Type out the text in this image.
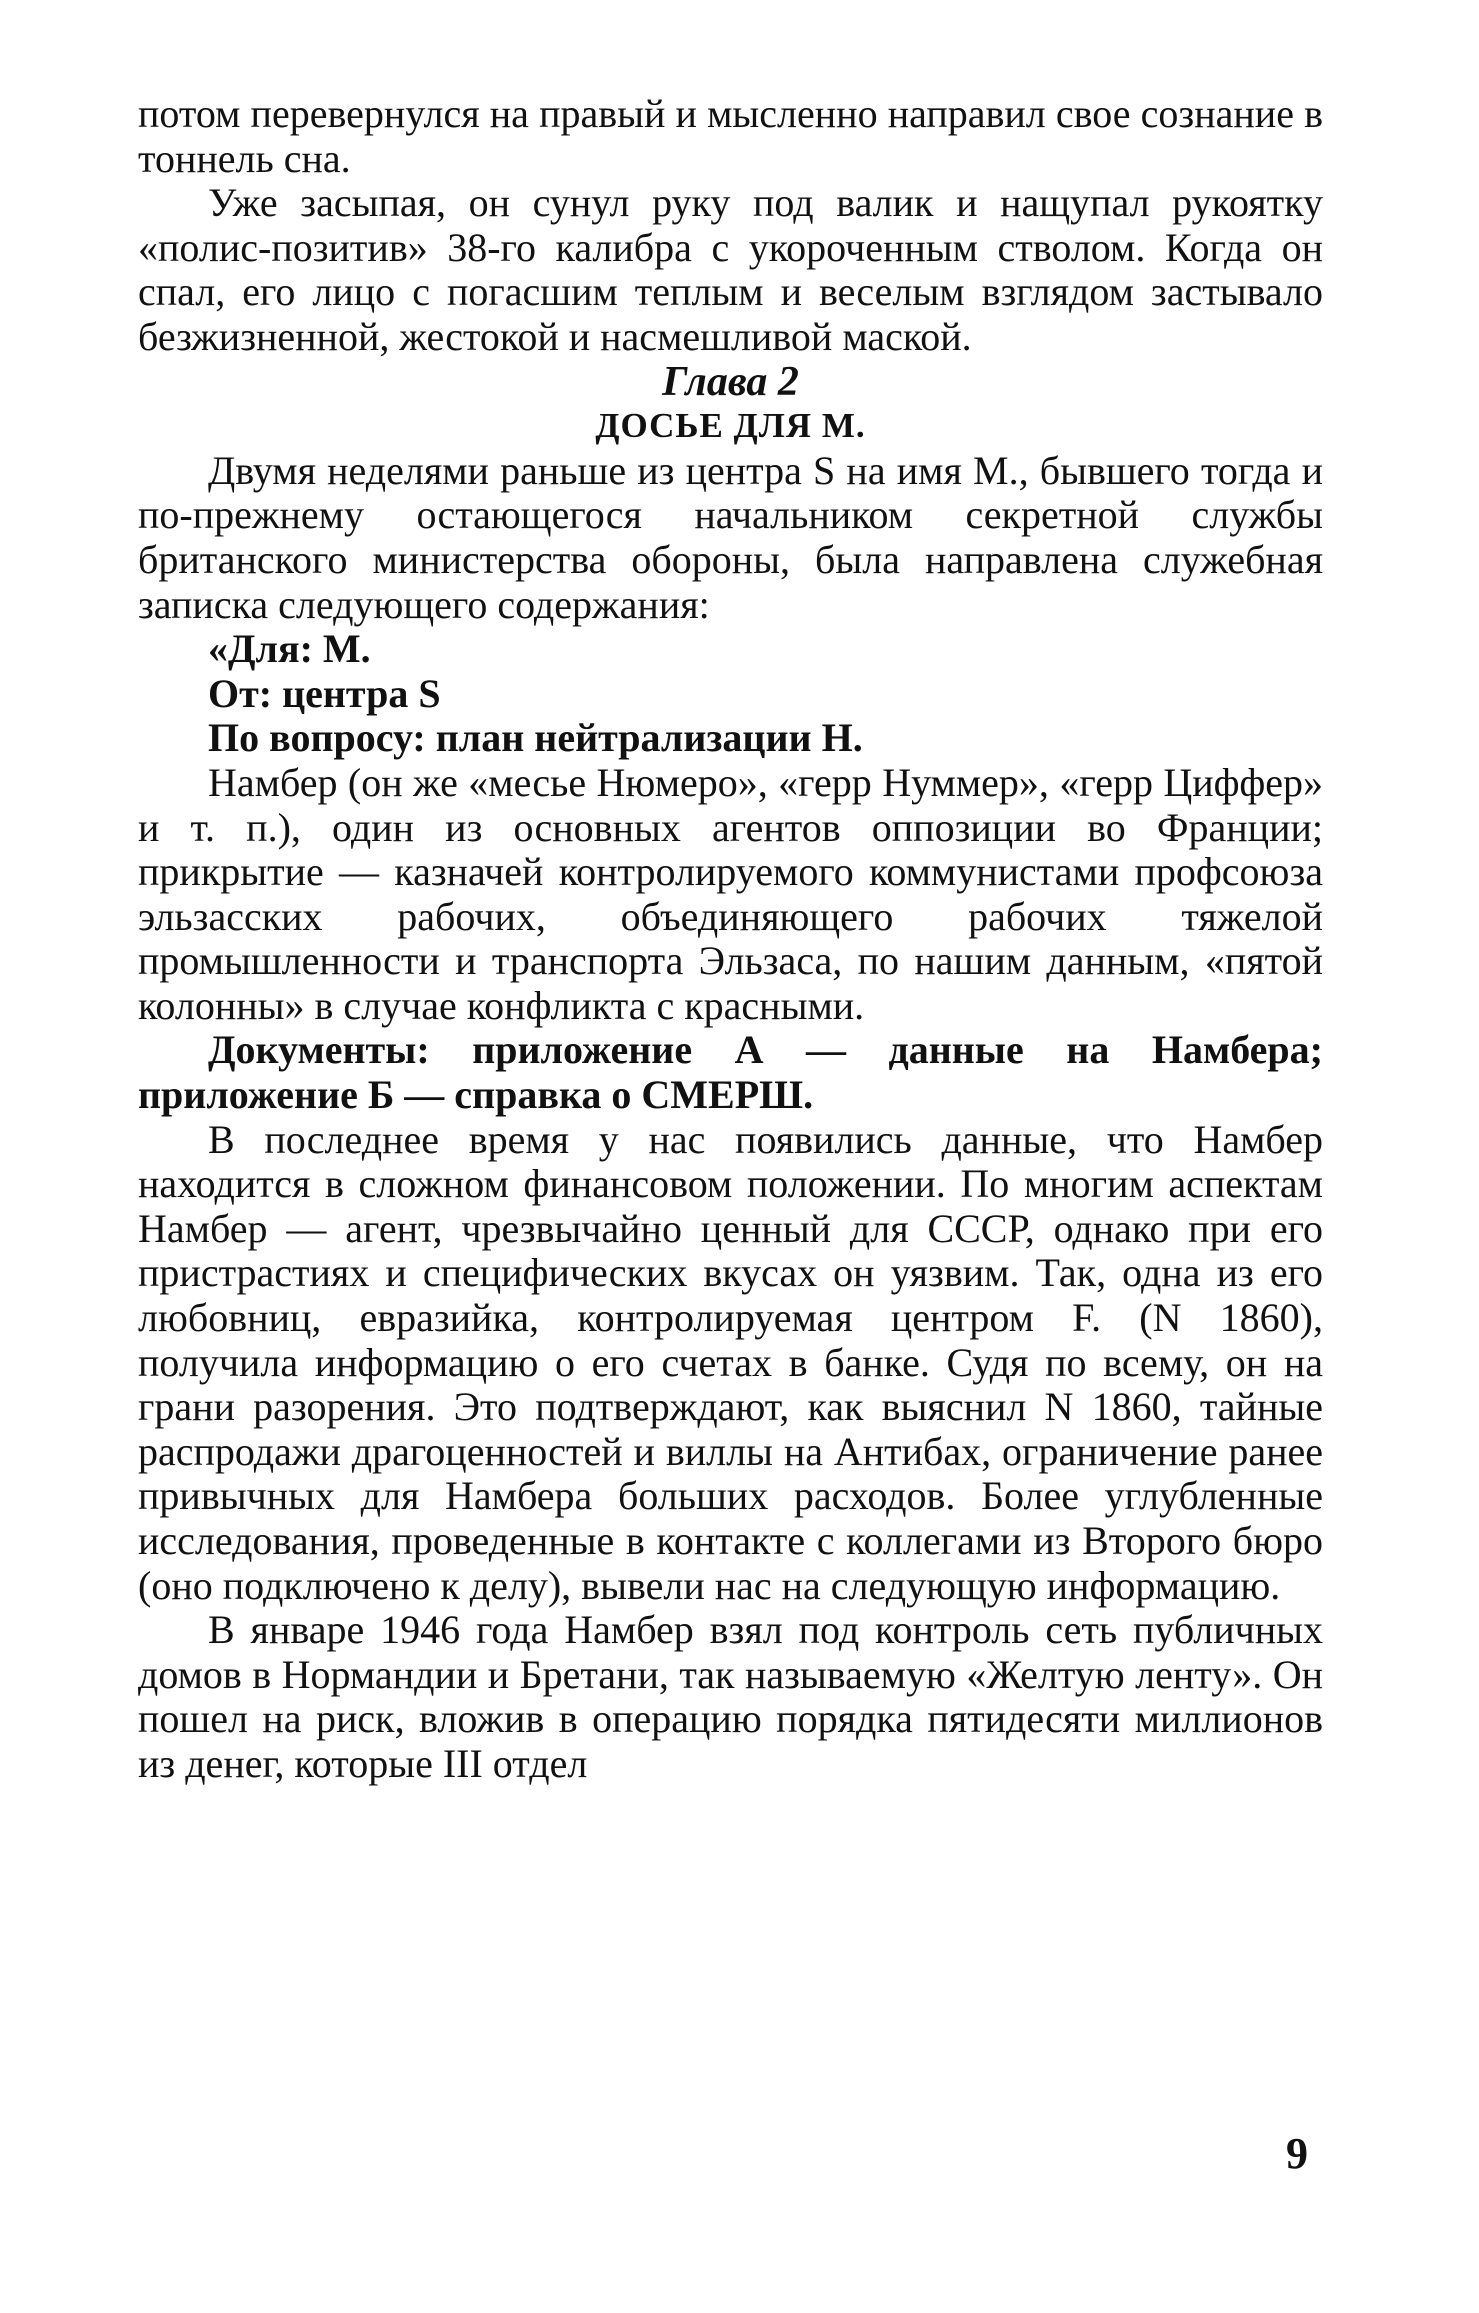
потом перевернулся на правый и мысленно направил свое сознание в тоннель сна.

Уже засыпая, он сунул руку под валик и нащупал рукоятку «полис-позитив» 38-го калибра с укороченным стволом. Когда он спал, его лицо с погасшим теплым и веселым взглядом застывало безжизненной, жестокой и насмешливой маской.

Глава 2

ДОСЬЕ ДЛЯ М.

Двумя неделями раньше из центра S на имя М., бывшего тогда и по-прежнему остающегося начальником секретной службы британского министерства обороны, была направлена служебная записка следующего содержания:

«Для: М.

От: центра S

По вопросу: план нейтрализации Н.

Намбер (он же «месье Нюмеро», «герр Нуммер», «герр Циффер» и т. п.), один из основных агентов оппозиции во Франции; прикрытие — казначей контролируемого коммунистами профсоюза эльзасских рабочих, объединяющего рабочих тяжелой промышленности и транспорта Эльзаса, по нашим данным, «пятой колонны» в случае конфликта с красными.

Документы: приложение А — данные на Намбера; приложение Б — справка о СМЕРШ.

В последнее время у нас появились данные, что Намбер находится в сложном финансовом положении. По многим аспектам Намбер — агент, чрезвычайно ценный для СССР, однако при его пристрастиях и специфических вкусах он уязвим. Так, одна из его любовниц, евразийка, контролируемая центром F. (N 1860), получила информацию о его счетах в банке. Судя по всему, он на грани разорения. Это подтверждают, как выяснил N 1860, тайные распродажи драгоценностей и виллы на Антибах, ограничение ранее привычных для Намбера больших расходов. Более углубленные исследования, проведенные в контакте с коллегами из Второго бюро (оно подключено к делу), вывели нас на следующую информацию.

В январе 1946 года Намбер взял под контроль сеть публичных домов в Нормандии и Бретани, так называемую «Желтую ленту». Он пошел на риск, вложив в операцию порядка пятидесяти миллионов из денег, которые III отдел

9
